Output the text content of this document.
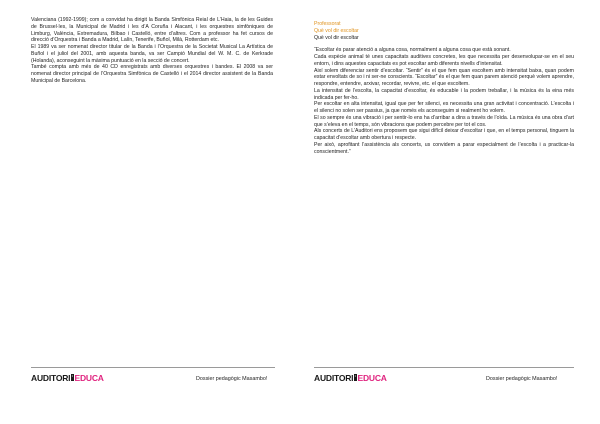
Valenciana (1992-1999); com a convidat ha dirigit la Banda Simfònica Reial de L’Haia, la de les Guides de Brussel·les, la Municipal de Madrid i les d’A Coruña i Alacant, i les orquestres simfòniques de Limburg, València, Extremadura, Bilbao i Castelló, entre d’altres. Com a professor ha fet cursos de direcció d’Orquestra i Banda a Madrid, Lalín, Tenerife, Buñol, Milà, Rotterdam etc.

El 1989 va ser nomenat director titular de la Banda i l’Orquestra de la Societat Musical La Artística de Buñol i el juliol del 2001, amb aquesta banda, va ser Campió Mundial del W. M. C. de Kerkrade (Holanda), aconseguint la màxima puntuació en la secció de concert.

També compta amb més de 40 CD enregistrats amb diverses orquestres i bandes. El 2008 va ser nomenat director principal de l’Orquestra Simfònica de Castelló i el 2014 director assistent de la Banda Municipal de Barcelona.

AUDITORI · EDUCA	Dossier pedagògic Masambo!

Professorat

Què vol dir escoltar

Què vol dir escoltar

“Escoltar és parar atenció a alguna cosa, normalment a alguna cosa que està sonant.

Cada espècie animal té unes capacitats auditives concretes, les que necessita per desenvolupar-se en el seu entorn, i dins aquestes capacitats es pot escoltar amb diferents nivells d’intensitat.

Així solem diferenciar sentir d’escoltar. “Sentir” és el que fem quan escoltem amb intensitat baixa, quan podem estar envoltats de so i ni ser-ne conscients. “Escoltar” és el que fem quan parem atenció perquè volem aprendre, respondre, entendre, arxivar, recordar, revivre, etc. el que escoltem.

La intensitat de l’escolta, la capacitat d’escoltar, és educable i la podem treballar, i la música és la eina més indicada per fer-ho.

Per escoltar en alta intensitat, igual que per fer silenci, es necessita una gran activitat i concentració. L’escolta i el silenci no solen ser passius, ja que només els aconseguim si realment ho volem.

El so sempre és una vibració i per sentir-lo ens ha d’arribar a dins a través de l’oïda. La música és una obra d’art que s’eleva en el temps, són vibracions que podem percebre per tot el cos.

Als concerts de L’Auditori ens proposem que sigui difícil deixar d’escoltar i que, en el temps personal, tinguem la capacitat d’escoltar amb obertura i respecte.

Per això, aprofitant l’assistència als concerts, us convidem a parar especialment de l’escolta i a practicar-la conscientment.”

AUDITORI · EDUCA	Dossier pedagògic Masambo!
